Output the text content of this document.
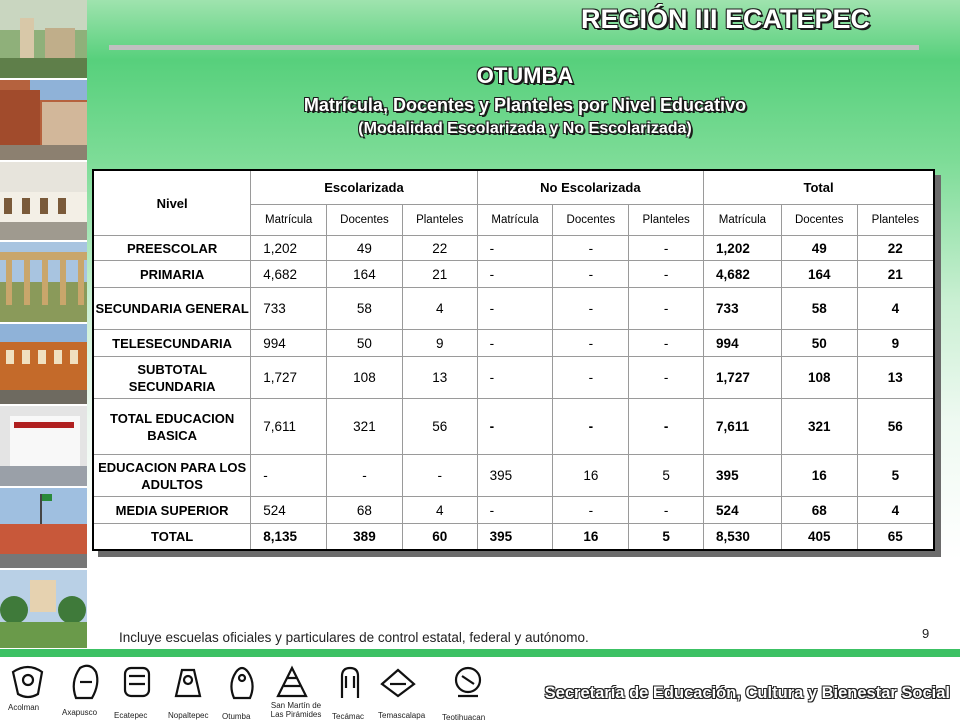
REGIÓN III ECATEPEC
OTUMBA
Matrícula, Docentes y Planteles por Nivel Educativo
(Modalidad Escolarizada y No Escolarizada)
Nivel	Escolarizada			No Escolarizada			Total		
	Matrícula	Docentes	Planteles	Matrícula	Docentes	Planteles	Matrícula	Docentes	Planteles
PREESCOLAR	1,202	49	22	-	-	-	1,202	49	22
PRIMARIA	4,682	164	21	-	-	-	4,682	164	21
SECUNDARIA GENERAL	733	58	4	-	-	-	733	58	4
TELESECUNDARIA	994	50	9	-	-	-	994	50	9
SUBTOTAL SECUNDARIA	1,727	108	13	-	-	-	1,727	108	13
TOTAL EDUCACION BASICA	7,611	321	56	-	-	-	7,611	321	56
EDUCACION PARA LOS ADULTOS	-	-	-	395	16	5	395	16	5
MEDIA SUPERIOR	524	68	4	-	-	-	524	68	4
TOTAL	8,135	389	60	395	16	5	8,530	405	65
Incluye escuelas oficiales y particulares de control estatal, federal y autónomo.	9
Acolman
Axapusco Ecatepec	Nopaltepec Otumba
San Martín de Las Pirámides	Tecámac Temascalapa Teotihuacan
Secretaría de Educación, Cultura y Bienestar Social
